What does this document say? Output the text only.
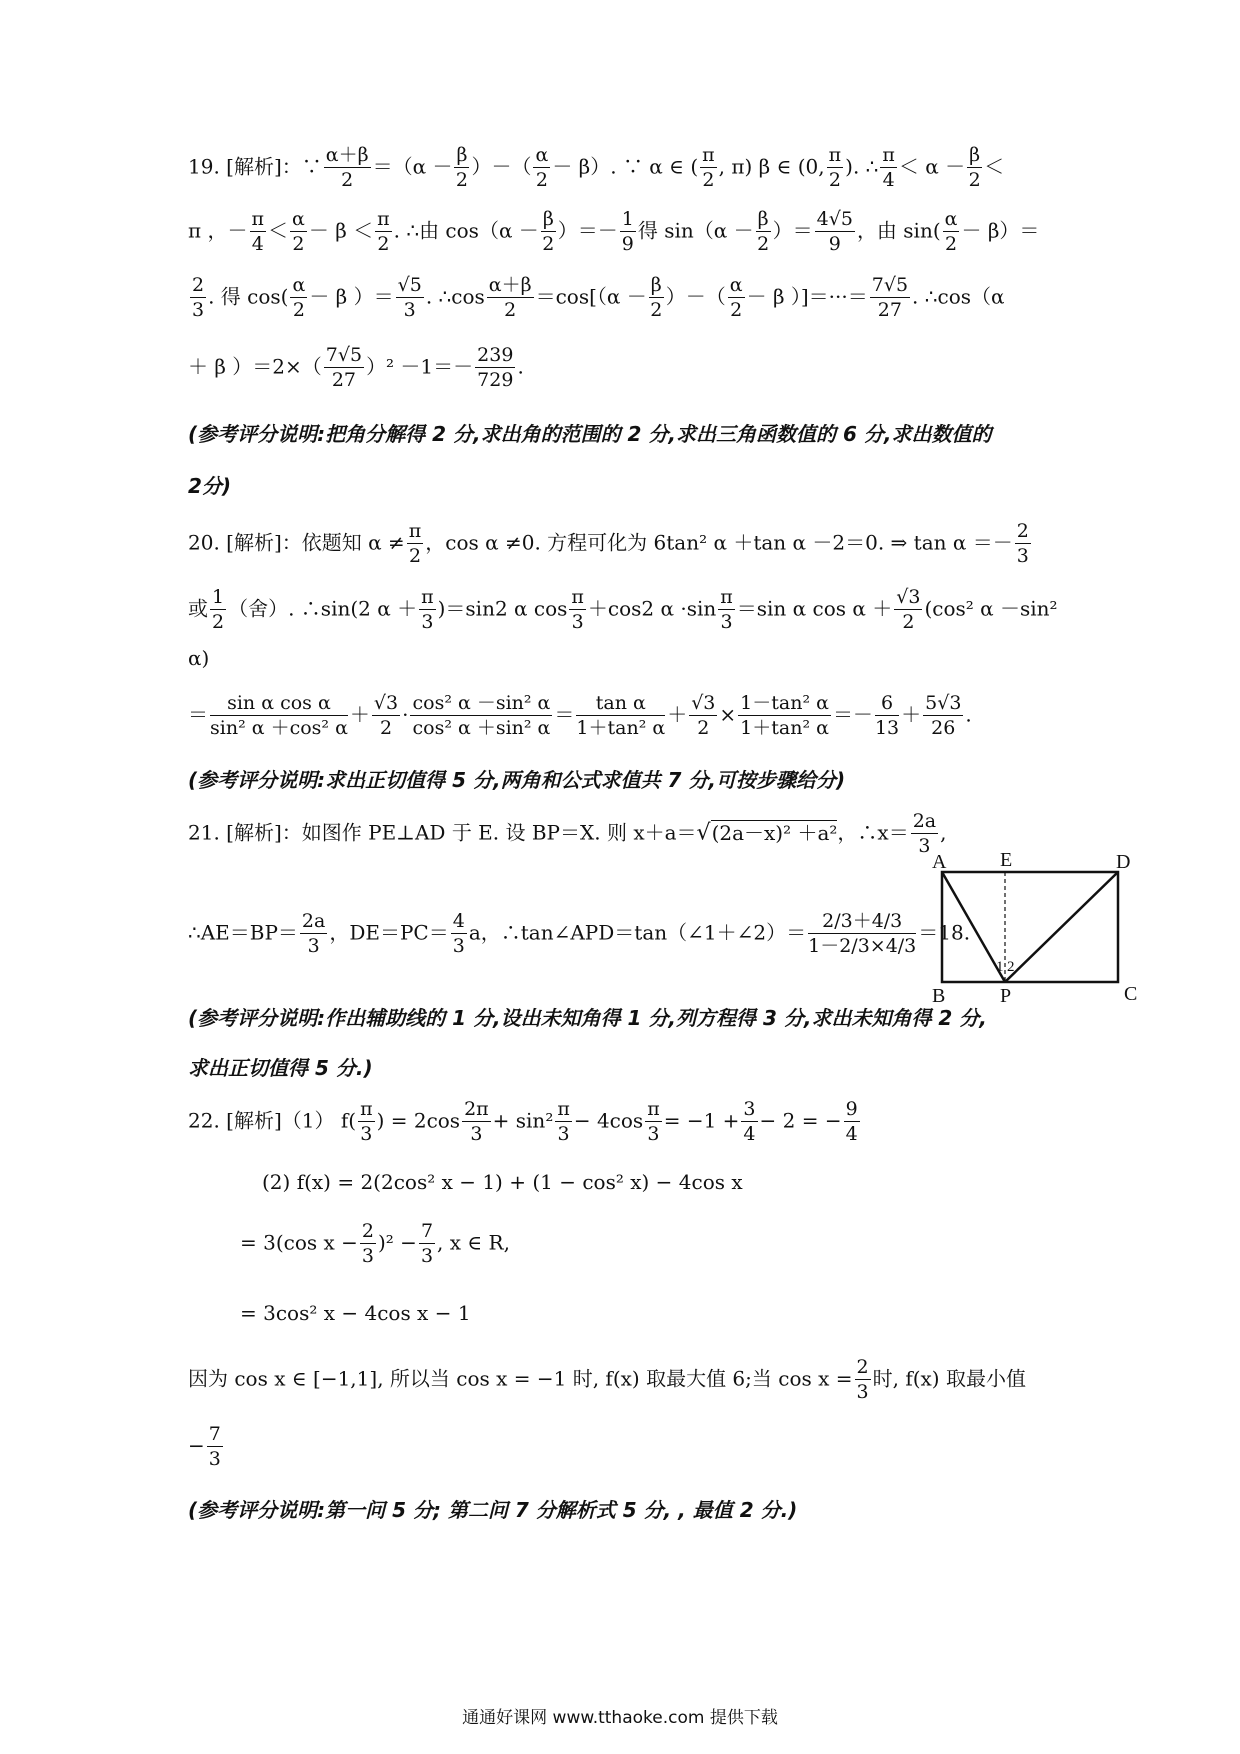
19. [解析]：∵ $\frac{\alpha+\beta}{2} =(\alpha - \frac{\beta}{2}$ ）－（ $\frac{\alpha}{2} - \beta$）. ∵ α ∈ ( $\frac{\pi}{2}$ , π) β ∈ (0, $\frac{\pi}{2}$ ). ∴ $\frac{\pi}{4} < \alpha - \frac{\beta}{2}$ ＜
π ，－ $\frac{\pi}{4} < \frac{\alpha}{2} - \beta < \frac{\pi}{2}$ . ∴由 $\cos(\alpha - \frac{\beta}{2}$ ）＝－ $\frac{1}{9}$ 得 $\sin(\alpha - \frac{\beta}{2}$ ）＝ $\frac{4√5}{9}$ ，由 $\sin( \frac{\alpha}{2} - \beta)=$
$\frac{2}{3}$ . 得 $\cos( \frac{\alpha}{2} - \beta$ ）＝ $\frac{√5}{3}$ . ∴cos $\frac{\alpha+\beta}{2} =\cos[(\alpha - \frac{\beta}{2}$ ）－（ $\frac{\alpha}{2} - \beta$ ）]＝···＝ $\frac{7√5}{27}$ . ∴cos（α
＋ β ）$=2\times( \frac{7√5}{27} )^2 -1=- \frac{239}{729}$ .
(参考评分说明:把角分解得 2 分,求出角的范围的 2 分,求出三角函数值的 6 分,求出数值的
2分)
20. [解析]：依题知 $\alpha \ne \frac{\pi}{2}$ ，cos α ≠0. 方程可化为 6tan² α ＋tan α －2＝0. ⇒ $\tan \alpha =- \frac{2}{3}$
或 $\frac{1}{2}$ （舍）. ∴sin(2 $\alpha + \frac{\pi}{3} )=\sin 2$ α $\cos \frac{\pi}{3} +\cos 2$ $\alpha \cdot\sin \frac{\pi}{3} =\sin$ α $\cos \alpha + \frac{√3}{2} (\cos^2$ α －sin²
α)
＝ $\frac{\text{sin α cos α}}{\text{sin² α ＋cos² α}} + \frac{√3}{2} \cdot \frac{\text{cos² α －sin² α}}{\text{cos² α ＋sin² α}} = \frac{\text{tan α}}{\text{1＋tan² α}} + \frac{√3}{2} \times \frac{\text{1－tan² α}}{\text{1＋tan² α}} =- \frac{6}{13} + \frac{5√3}{26}$ .
(参考评分说明:求出正切值得 5 分,两角和公式求值共 7 分,可按步骤给分)
21. [解析]：如图作 PE⊥AD 于 E. 设 BP＝X. 则 x＋a＝√(2a－x)² ＋a²，∴x＝ $\frac{2a}{3}$ ,
∴AE＝BP＝ $\frac{2a}{3}$ ，$DE=PC= \frac{4}{3}$ a，∴tan∠APD＝tan（∠1＋∠2）＝ $\frac{2/3+4/3}{1-2/3\times 4/3} =18$.
A	E	D
B	P	C
1 2
(参考评分说明:作出辅助线的 1 分,设出未知角得 1 分,列方程得 3 分,求出未知角得 2 分,
求出正切值得 5 分.)
22. [解析]（1） $f( \frac{\pi}{3}$ ) = $2\cos \frac{2\pi}{3} + \sin^2 \frac{\pi}{3} - 4\cos \frac{\pi}{3} = -1 + \frac{3}{4} - 2$ = − $\frac{9}{4}$
(2) f(x) = 2(2cos² x − 1) + (1 − cos² x) − 4cos x
= 3(cos $x - \frac{2}{3} )^2 - \frac{7}{3}$ , x ∈ R,
= 3cos² x − 4cos x − 1
因为 cos x ∈ [−1,1], 所以当 cos x = −1 时, f(x) 取最大值 6;当 $\cos x = \frac{2}{3}$ 时, f(x) 取最小值
− $\frac{7}{3}$
(参考评分说明:第一问 5 分; 第二问 7 分解析式 5 分, , 最值 2 分.)
通通好课网 www.tthaoke.com 提供下载
